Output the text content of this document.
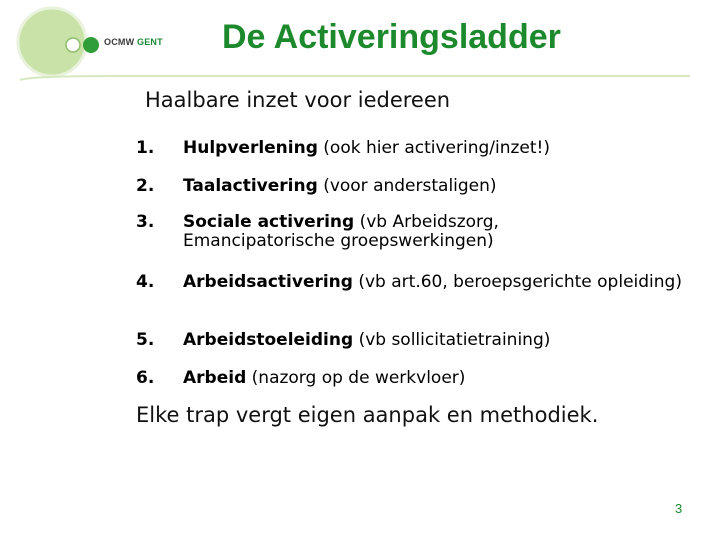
OCMW GENT De Activeringsladder
Haalbare inzet voor iedereen
1. Hulpverlening (ook hier activering/inzet!)
2. Taalactivering (voor anderstaligen)
3. Sociale activering (vb Arbeidszorg, Emancipatorische groepswerkingen)
4. Arbeidsactivering (vb art.60, beroepsgerichte opleiding)
5. Arbeidstoeleiding (vb sollicitatietraining)
6. Arbeid (nazorg op de werkvloer)
Elke trap vergt eigen aanpak en methodiek.
3
